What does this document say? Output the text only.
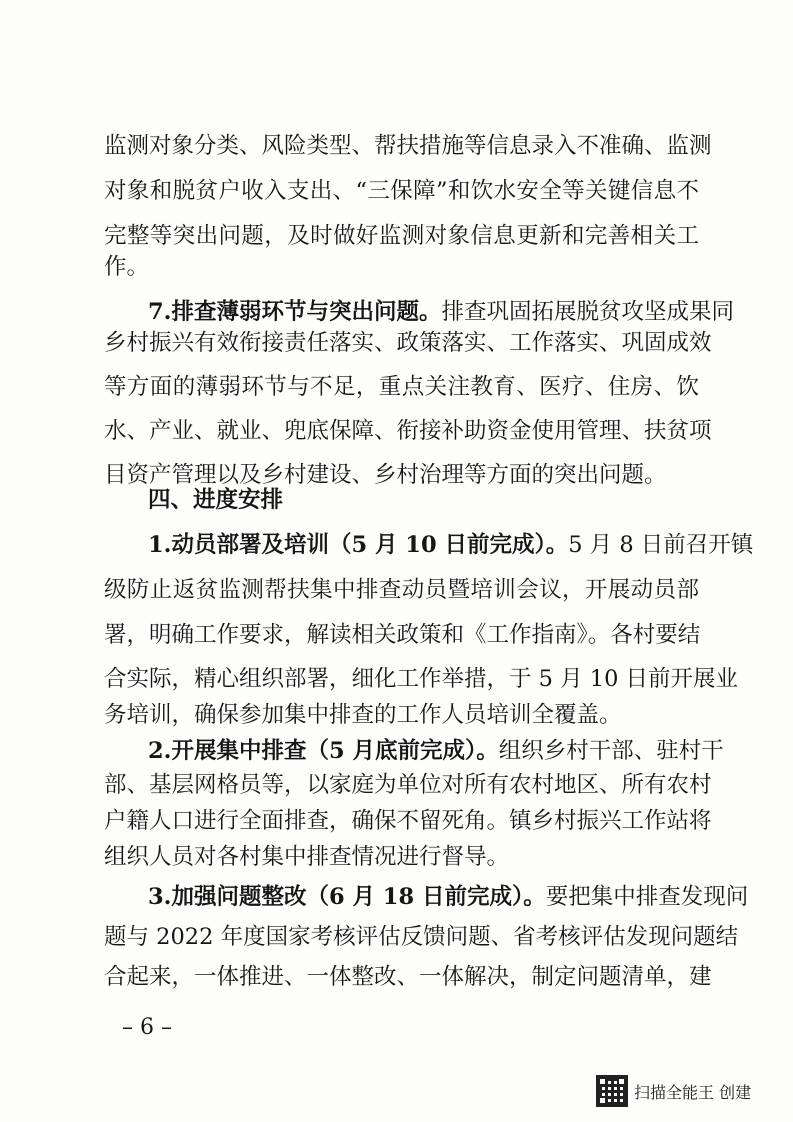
监测对象分类、风险类型、帮扶措施等信息录入不准确、监测
对象和脱贫户收入支出、“三保障”和饮水安全等关键信息不
完整等突出问题，及时做好监测对象信息更新和完善相关工
作。
7.排查薄弱环节与突出问题。排查巩固拓展脱贫攻坚成果同
乡村振兴有效衔接责任落实、政策落实、工作落实、巩固成效
等方面的薄弱环节与不足，重点关注教育、医疗、住房、饮
水、产业、就业、兜底保障、衔接补助资金使用管理、扶贫项
目资产管理以及乡村建设、乡村治理等方面的突出问题。
四、进度安排
1.动员部署及培训（5 月 10 日前完成）。5 月 8 日前召开镇
级防止返贫监测帮扶集中排查动员暨培训会议，开展动员部
署，明确工作要求，解读相关政策和《工作指南》。各村要结
合实际，精心组织部署，细化工作举措，于 5 月 10 日前开展业
务培训，确保参加集中排查的工作人员培训全覆盖。
2.开展集中排查（5 月底前完成）。组织乡村干部、驻村干
部、基层网格员等，以家庭为单位对所有农村地区、所有农村
户籍人口进行全面排查，确保不留死角。镇乡村振兴工作站将
组织人员对各村集中排查情况进行督导。
3.加强问题整改（6 月 18 日前完成）。要把集中排查发现问
题与 2022 年度国家考核评估反馈问题、省考核评估发现问题结
合起来，一体推进、一体整改、一体解决，制定问题清单，建
– 6 –
扫描全能王 创建
